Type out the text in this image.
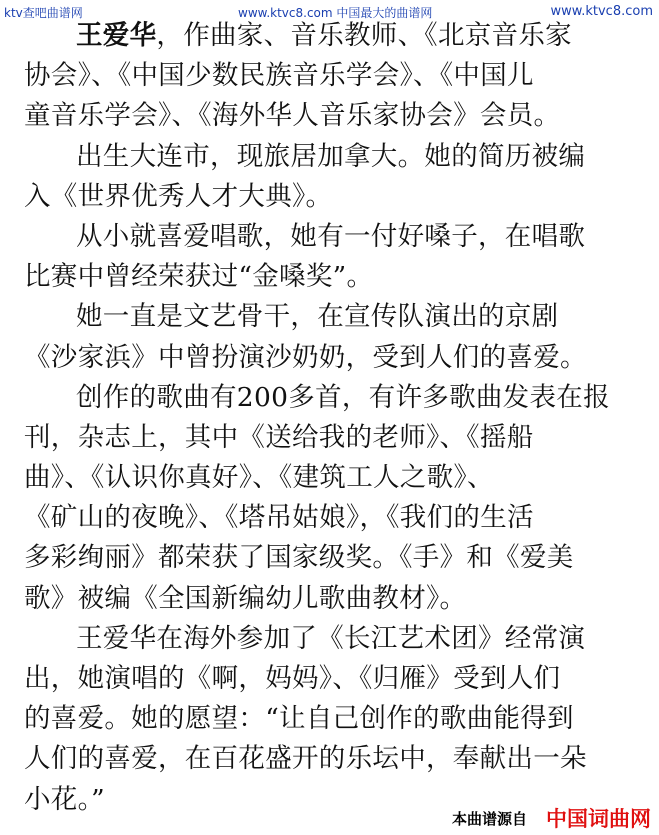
ktv查吧曲谱网	www.ktvc8.com 中国最大的曲谱网	www.ktvc8.com
王爱华，作曲家、音乐教师、《北京音乐家
协会》、《中国少数民族音乐学会》、《中国儿
童音乐学会》、《海外华人音乐家协会》会员。
出生大连市，现旅居加拿大。她的简历被编
入《世界优秀人才大典》。
从小就喜爱唱歌，她有一付好嗓子，在唱歌
比赛中曾经荣获过“金嗓奖”。
她一直是文艺骨干，在宣传队演出的京剧
《沙家浜》中曾扮演沙奶奶，受到人们的喜爱。
创作的歌曲有200多首，有许多歌曲发表在报
刊，杂志上，其中《送给我的老师》、《摇船
曲》、《认识你真好》、《建筑工人之歌》、
《矿山的夜晚》、《塔吊姑娘》，《我们的生活
多彩绚丽》都荣获了国家级奖。《手》和《爱美
歌》被编《全国新编幼儿歌曲教材》。
王爱华在海外参加了《长江艺术团》经常演
出，她演唱的《啊，妈妈》、《归雁》受到人们
的喜爱。她的愿望：“让自己创作的歌曲能得到
人们的喜爱，在百花盛开的乐坛中，奉献出一朵
小花。”
本曲谱源自 中国词曲网
